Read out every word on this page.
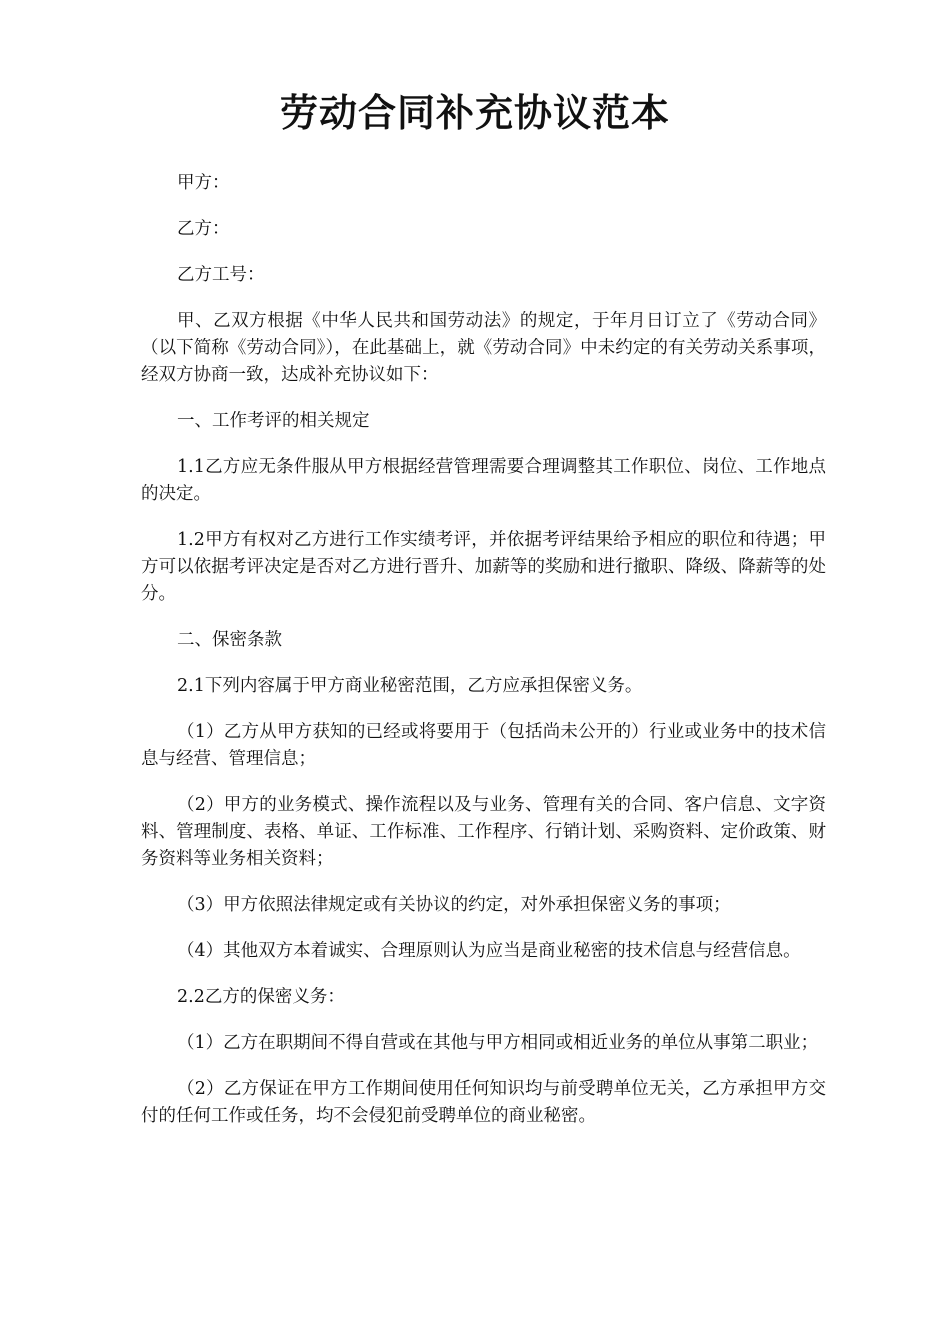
劳动合同补充协议范本

甲方：

乙方：

乙方工号：

甲、乙双方根据《中华人民共和国劳动法》的规定，于年月日订立了《劳动合同》（以下简称《劳动合同》），在此基础上，就《劳动合同》中未约定的有关劳动关系事项，经双方协商一致，达成补充协议如下：

一、工作考评的相关规定

1.1乙方应无条件服从甲方根据经营管理需要合理调整其工作职位、岗位、工作地点的决定。

1.2甲方有权对乙方进行工作实绩考评，并依据考评结果给予相应的职位和待遇；甲方可以依据考评决定是否对乙方进行晋升、加薪等的奖励和进行撤职、降级、降薪等的处分。

二、保密条款

2.1下列内容属于甲方商业秘密范围，乙方应承担保密义务。

（1）乙方从甲方获知的已经或将要用于（包括尚未公开的）行业或业务中的技术信息与经营、管理信息；

（2）甲方的业务模式、操作流程以及与业务、管理有关的合同、客户信息、文字资料、管理制度、表格、单证、工作标准、工作程序、行销计划、采购资料、定价政策、财务资料等业务相关资料；

（3）甲方依照法律规定或有关协议的约定，对外承担保密义务的事项；

（4）其他双方本着诚实、合理原则认为应当是商业秘密的技术信息与经营信息。

2.2乙方的保密义务：

（1）乙方在职期间不得自营或在其他与甲方相同或相近业务的单位从事第二职业；

（2）乙方保证在甲方工作期间使用任何知识均与前受聘单位无关，乙方承担甲方交付的任何工作或任务，均不会侵犯前受聘单位的商业秘密。
